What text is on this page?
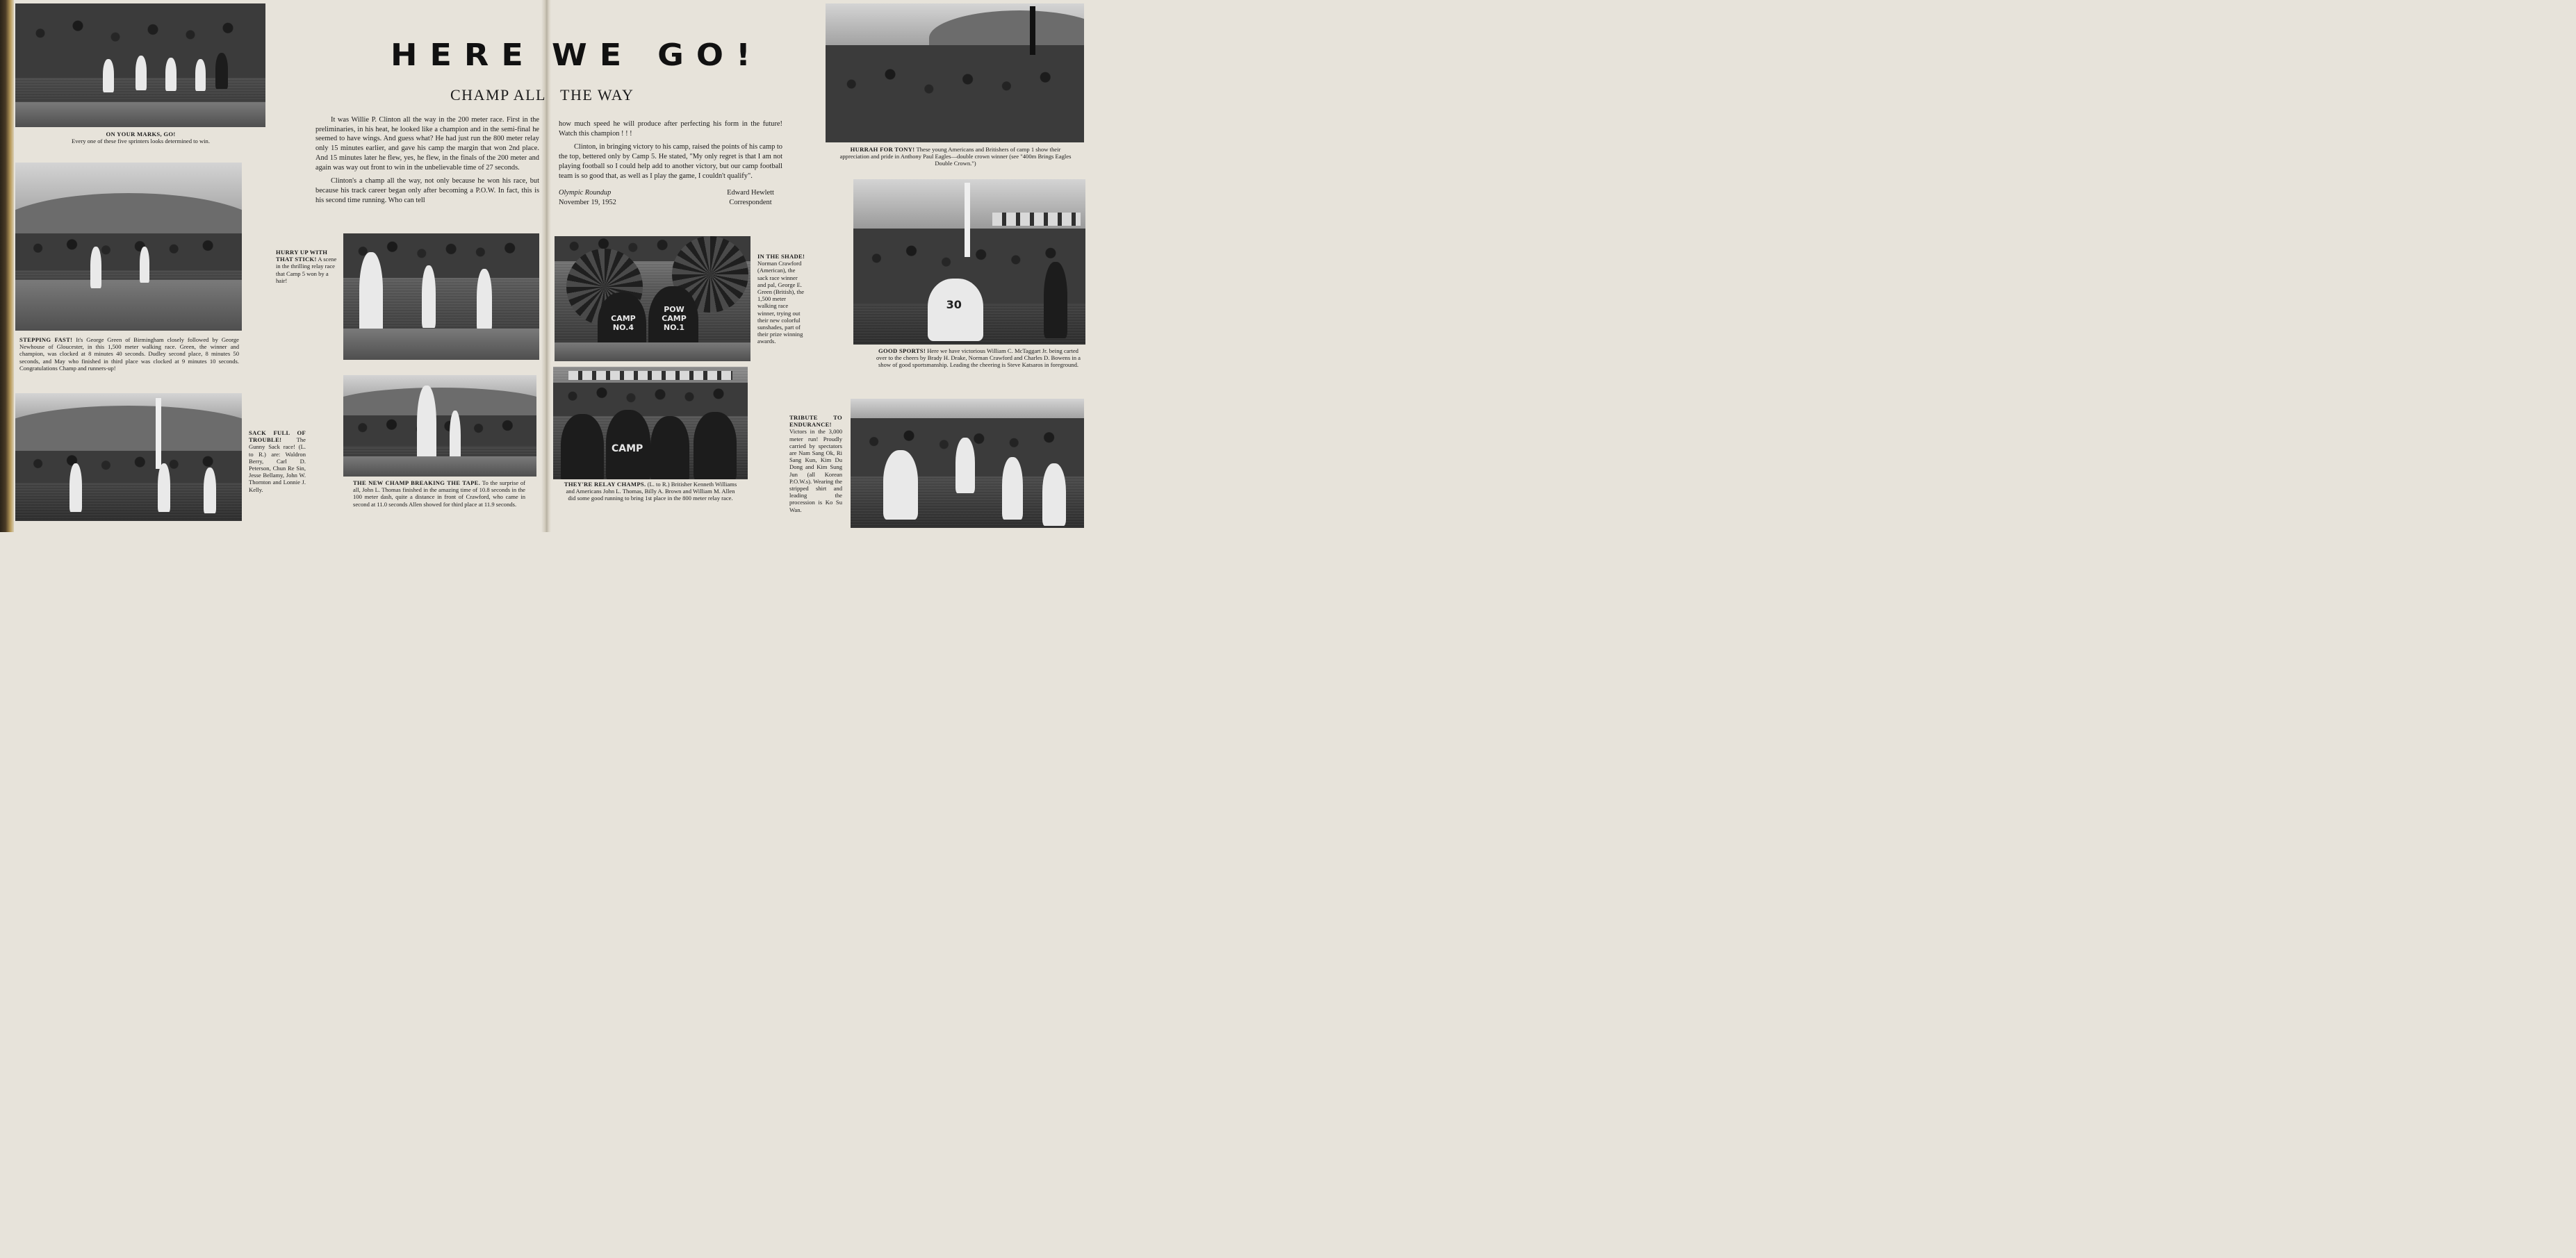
ON YOUR MARKS, GO!
Every one of these five sprinters looks determined to win.
STEPPING FAST! It's George Green of Birmingham closely followed by George Newhouse of Gloucester, in this 1,500 meter walking race. Green, the winner and champion, was clocked at 8 minutes 40 seconds. Dudley second place, 8 minutes 50 seconds, and May who finished in third place was clocked at 9 minutes 10 seconds. Congratulations Champ and runners-up!
HURRY UP WITH THAT STICK! A scene in the thrilling relay race that Camp 5 won by a hair!
SACK FULL OF TROUBLE! The Gunny Sack race! (L. to R.) are: Waldron Berry, Carl D. Peterson, Chun Re Sin, Jesse Bellamy, John W. Thornton and Lonnie J. Kelly.
HERE
CHAMP ALL

It was Willie P. Clinton all the way in the 200 meter race. First in the preliminaries, in his heat, he looked like a champion and in the semi-final he seemed to have wings. And guess what? He had just run the 800 meter relay only 15 minutes earlier, and gave his camp the margin that won 2nd place. And 15 minutes later he flew, yes, he flew, in the finals of the 200 meter and again was way out front to win in the unbelievable time of 27 seconds.

Clinton's a champ all the way, not only because he won his race, but because his track career began only after becoming a P.O.W. In fact, this is his second time running. Who can tell

THE NEW CHAMP BREAKING THE TAPE. To the surprise of all, John L. Thomas finished in the amazing time of 10.8 seconds in the 100 meter dash, quite a distance in front of Crawford, who came in second at 11.0 seconds Allen showed for third place at 11.9 seconds.
WE GO!
THE WAY

how much speed he will produce after perfecting his form in the future! Watch this champion ! ! !

Clinton, in bringing victory to his camp, raised the points of his camp to the top, bettered only by Camp 5. He stated, "My only regret is that I am not playing football so I could help add to another victory, but our camp football team is so good that, as well as I play the game, I couldn't qualify".

Olympic Roundup
November 19, 1952
Edward Hewlett
Correspondent
CAMP NO.4
POW CAMP NO.1
IN THE SHADE!
Norman Crawford (American), the sack race winner and pal, George E. Green (British), the 1,500 meter walking race winner, trying out their new colorful sunshades, part of their prize winning awards.
CAMP
THEY'RE RELAY CHAMPS. (L. to R.) Britisher Kenneth Williams and Americans John L. Thomas, Billy A. Brown and William M. Allen did some good running to bring 1st place in the 800 meter relay race.
HURRAH FOR TONY! These young Americans and Britishers of camp 1 show their appreciation and pride in Anthony Paul Eagles—double crown winner (see "400m Brings Eagles Double Crown.")
30
GOOD SPORTS! Here we have victorious William C. McTaggart Jr. being carted over to the cheers by Brady H. Drake, Norman Crawford and Charles D. Bowens in a show of good sportsmanship. Leading the cheering is Steve Katsaros in foreground.
TRIBUTE TO ENDURANCE! Victors in the 3,000 meter run! Proudly carried by spectators are Nam Sang Ok, Ri Sang Kun, Kim Du Dong and Kim Sung Jun (all Korean P.O.W.s). Wearing the stripped shirt and leading the procession is Ko Su Wan.
